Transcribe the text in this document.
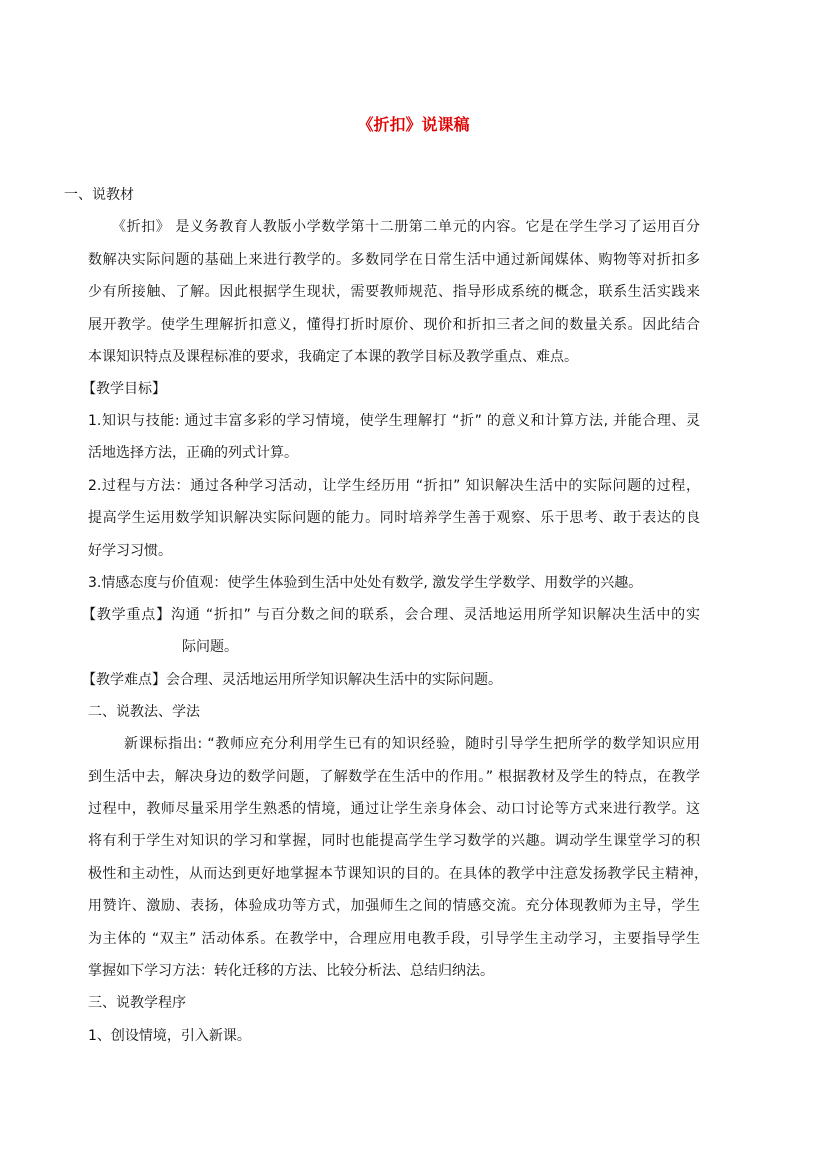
《折扣》说课稿
一、说教材
《折扣》 是义务教育人教版小学数学第十二册第二单元的内容。它是在学生学习了运用百分
数解决实际问题的基础上来进行教学的。多数同学在日常生活中通过新闻媒体、购物等对折扣多
少有所接触、了解。因此根据学生现状，需要教师规范、指导形成系统的概念，联系生活实践来
展开教学。使学生理解折扣意义，懂得打折时原价、现价和折扣三者之间的数量关系。因此结合
本课知识特点及课程标准的要求，我确定了本课的教学目标及教学重点、难点。
【教学目标】
1.知识与技能: 通过丰富多彩的学习情境，使学生理解打 “折” 的意义和计算方法, 并能合理、灵
活地选择方法，正确的列式计算。
2.过程与方法：通过各种学习活动，让学生经历用 “折扣” 知识解决生活中的实际问题的过程，
提高学生运用数学知识解决实际问题的能力。同时培养学生善于观察、乐于思考、敢于表达的良
好学习习惯。
3.情感态度与价值观：使学生体验到生活中处处有数学, 激发学生学数学、用数学的兴趣。
【教学重点】沟通 “折扣” 与百分数之间的联系，会合理、灵活地运用所学知识解决生活中的实
际问题。
【教学难点】会合理、灵活地运用所学知识解决生活中的实际问题。
二、说教法、学法
新课标指出: “教师应充分利用学生已有的知识经验，随时引导学生把所学的数学知识应用
到生活中去，解决身边的数学问题，了解数学在生活中的作用。” 根据教材及学生的特点，在教学
过程中，教师尽量采用学生熟悉的情境，通过让学生亲身体会、动口讨论等方式来进行教学。这
将有利于学生对知识的学习和掌握，同时也能提高学生学习数学的兴趣。调动学生课堂学习的积
极性和主动性，从而达到更好地掌握本节课知识的目的。在具体的教学中注意发扬教学民主精神，
用赞许、激励、表扬，体验成功等方式，加强师生之间的情感交流。充分体现教师为主导，学生
为主体的 “双主” 活动体系。在教学中，合理应用电教手段，引导学生主动学习，主要指导学生
掌握如下学习方法：转化迁移的方法、比较分析法、总结归纳法。
三、说教学程序
1、创设情境，引入新课。
